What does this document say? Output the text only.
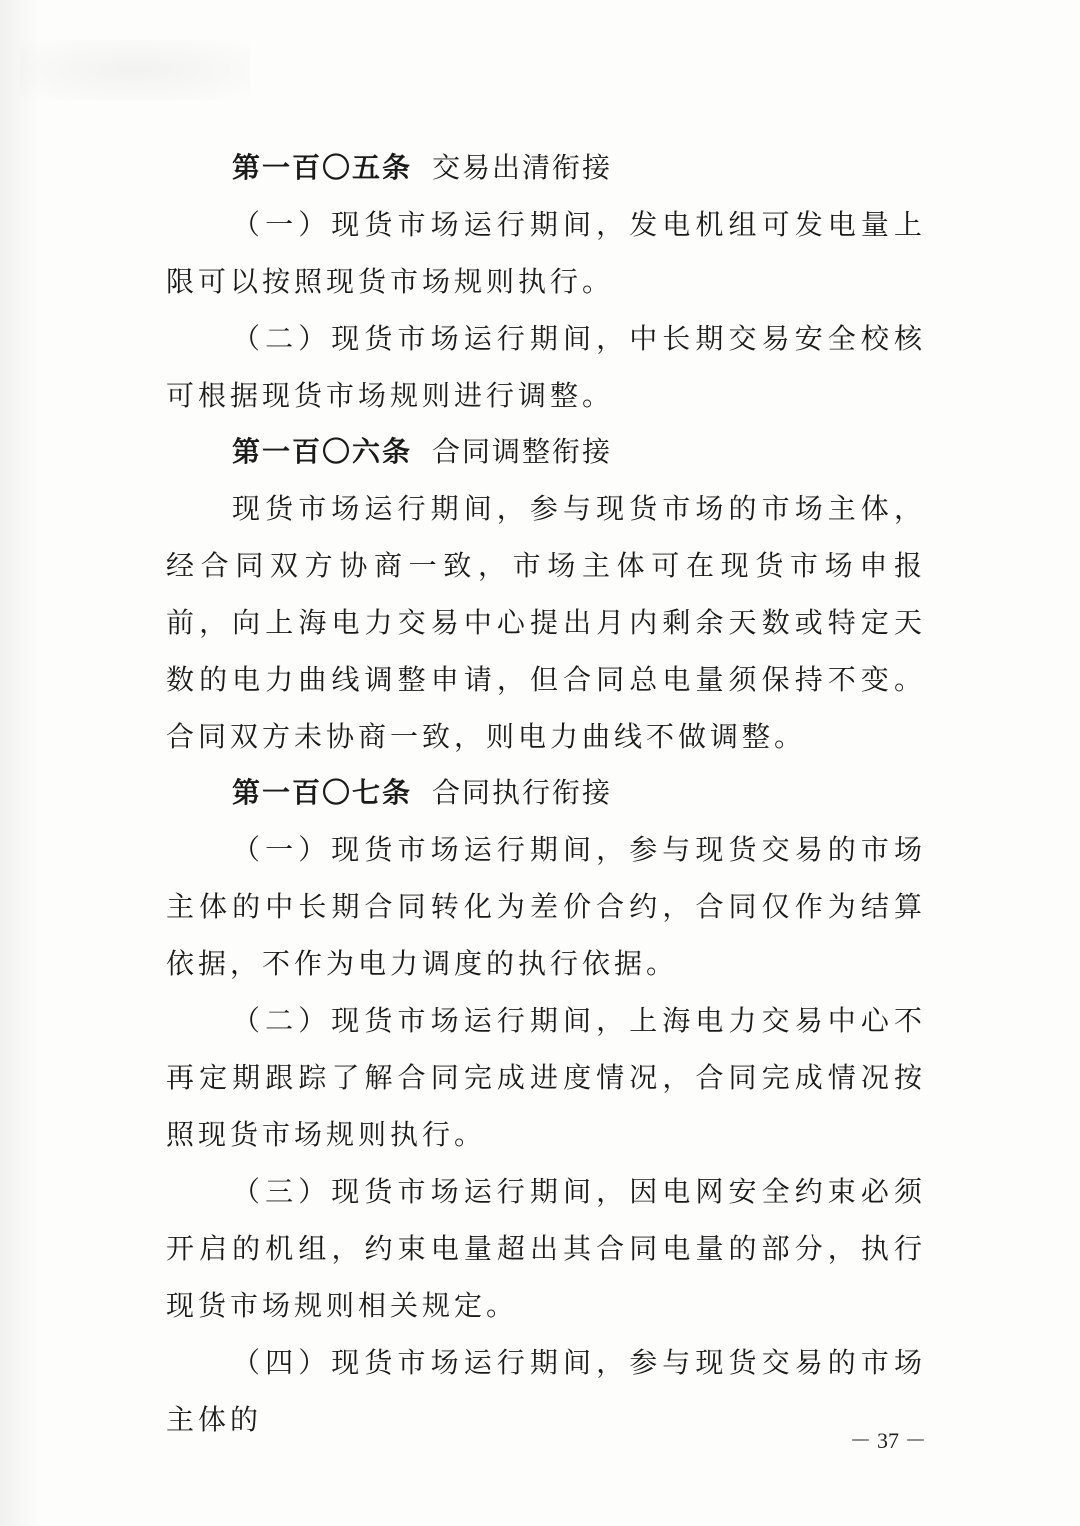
第一百〇五条 交易出清衔接

（一）现货市场运行期间，发电机组可发电量上限可以按照现货市场规则执行。

（二）现货市场运行期间，中长期交易安全校核可根据现货市场规则进行调整。

第一百〇六条 合同调整衔接

现货市场运行期间，参与现货市场的市场主体，经合同双方协商一致，市场主体可在现货市场申报前，向上海电力交易中心提出月内剩余天数或特定天数的电力曲线调整申请，但合同总电量须保持不变。合同双方未协商一致，则电力曲线不做调整。

第一百〇七条 合同执行衔接

（一）现货市场运行期间，参与现货交易的市场主体的中长期合同转化为差价合约，合同仅作为结算依据，不作为电力调度的执行依据。

（二）现货市场运行期间，上海电力交易中心不再定期跟踪了解合同完成进度情况，合同完成情况按照现货市场规则执行。

（三）现货市场运行期间，因电网安全约束必须开启的机组，约束电量超出其合同电量的部分，执行现货市场规则相关规定。

（四）现货市场运行期间，参与现货交易的市场主体的

－ 37 －
